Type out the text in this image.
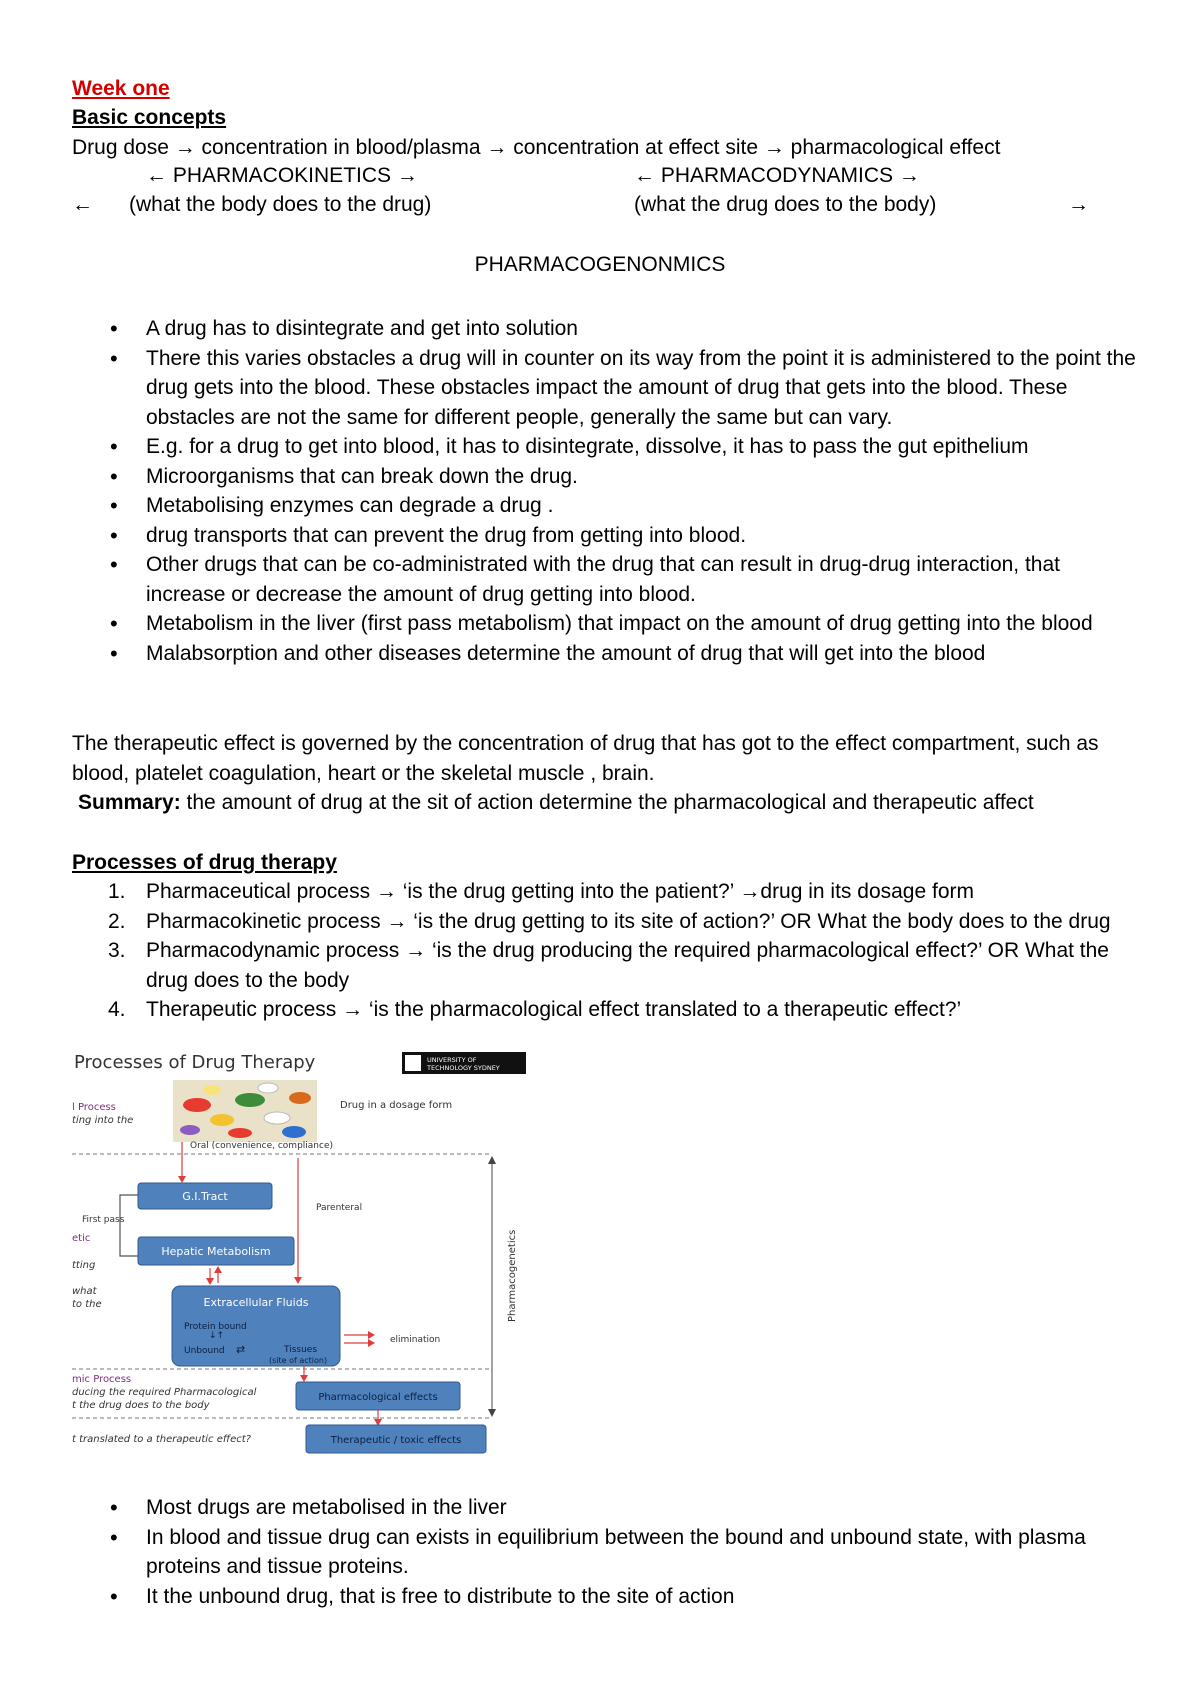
Week one
Basic concepts
Drug dose → concentration in blood/plasma → concentration at effect site → pharmacological effect
← PHARMACOKINETICS →	← PHARMACODYNAMICS →
← (what the body does to the drug)	(what the drug does to the body)	→
PHARMACOGENONMICS
• A drug has to disintegrate and get into solution
• There this varies obstacles a drug will in counter on its way from the point it is administered to the point the drug gets into the blood. These obstacles impact the amount of drug that gets into the blood. These obstacles are not the same for different people, generally the same but can vary.
• E.g. for a drug to get into blood, it has to disintegrate, dissolve, it has to pass the gut epithelium
• Microorganisms that can break down the drug.
• Metabolising enzymes can degrade a drug .
• drug transports that can prevent the drug from getting into blood.
• Other drugs that can be co-administrated with the drug that can result in drug-drug interaction, that increase or decrease the amount of drug getting into blood.
• Metabolism in the liver (first pass metabolism) that impact on the amount of drug getting into the blood
• Malabsorption and other diseases determine the amount of drug that will get into the blood
The therapeutic effect is governed by the concentration of drug that has got to the effect compartment, such as blood, platelet coagulation, heart or the skeletal muscle , brain.
Summary: the amount of drug at the sit of action determine the pharmacological and therapeutic affect
Processes of drug therapy
1. Pharmaceutical process → ‘is the drug getting into the patient?’ →drug in its dosage form
2. Pharmacokinetic process → ‘is the drug getting to its site of action?’ OR What the body does to the drug
3. Pharmacodynamic process → ‘is the drug producing the required pharmacological effect?’ OR What the drug does to the body
4. Therapeutic process → ‘is the pharmacological effect translated to a therapeutic effect?’
Processes of Drug Therapy	UNIVERSITY OF
TECHNOLOGY SYDNEY
l Process
ting into the
First pass
etic
tting
what
to the
mic Process
ducing the required Pharmacological
t the drug does to the body
t translated to a therapeutic effect?
Drug in a dosage form
Oral (convenience, compliance)
G.I.Tract
Hepatic Metabolism
Parenteral
Extracellular Fluids
Protein bound
↓↑
Unbound ⇄	Tissues
(site of action)
elimination
Pharmacogenetics
Pharmacological effects
Therapeutic / toxic effects
• Most drugs are metabolised in the liver
• In blood and tissue drug can exists in equilibrium between the bound and unbound state, with plasma proteins and tissue proteins.
• It the unbound drug, that is free to distribute to the site of action
